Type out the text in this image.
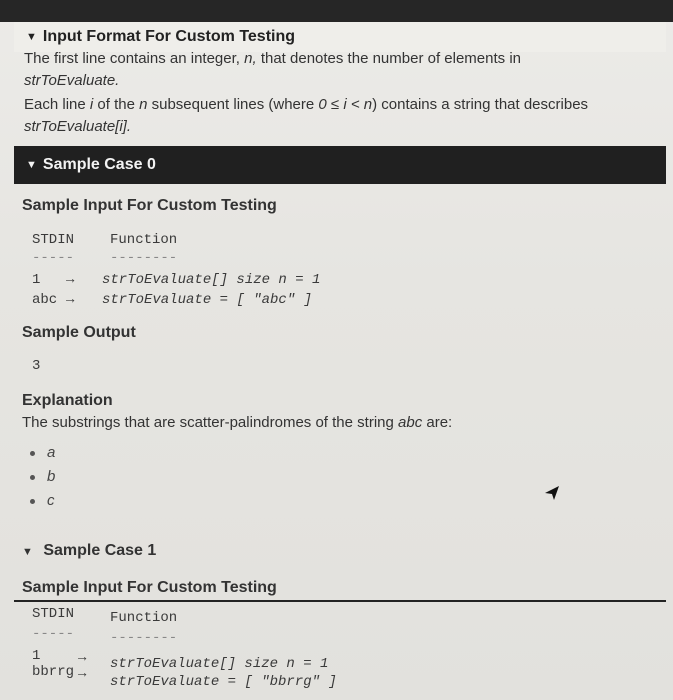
▼ Input Format For Custom Testing
The first line contains an integer, n, that denotes the number of elements in
strToEvaluate.
Each line i of the n subsequent lines (where 0 ≤ i < n) contains a string that describes
strToEvaluate[i].
▼ Sample Case 0
Sample Input For Custom Testing
STDIN	Function
-----	--------
1 → strToEvaluate[] size n = 1
abc → strToEvaluate = [ "abc" ]
Sample Output
3
Explanation
The substrings that are scatter-palindromes of the string abc are:
a
b
c
▼ Sample Case 1
Sample Input For Custom Testing
STDIN	Function
-----	--------
1	→ strToEvaluate[] size n = 1
bbrrg → strToEvaluate = [ "bbrrg" ]
